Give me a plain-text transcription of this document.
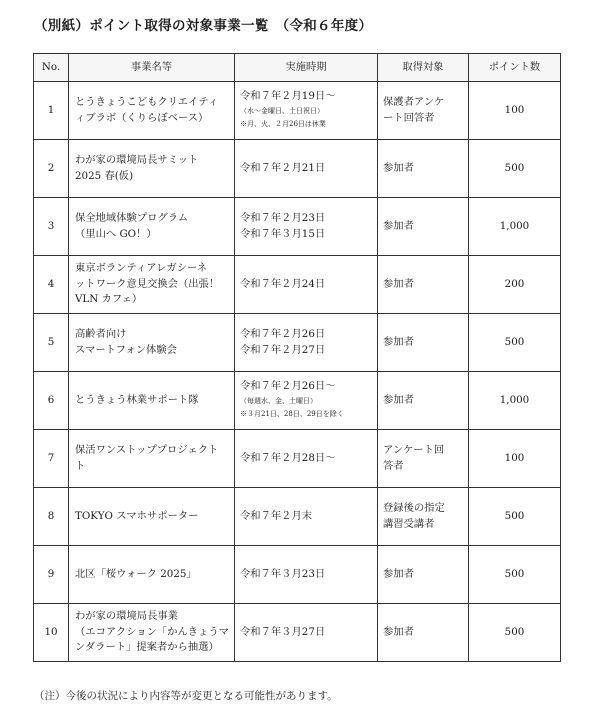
（別紙）ポイント取得の対象事業一覧　（令和６年度）
No.	事業名等	実施時期	取得対象	ポイント数
1	とうきょうこどもクリエイティ
ィブラボ（くりらぼベース）	令和７年２月19日～
（水～金曜日、土日祝日）
※月、火、２月26日は休業	保護者アンケ
ート回答者	100
2	わが家の環境局長サミット
2025 春(仮)	令和７年２月21日	参加者	500
3	保全地域体験プログラム
（里山へ GO！）	令和７年２月23日
令和７年３月15日	参加者	1,000
4	東京ボランティアレガシーネ
ットワーク意見交換会（出張！
VLN カフェ）	令和７年２月24日	参加者	200
5	高齢者向け
スマートフォン体験会	令和７年２月26日
令和７年２月27日	参加者	500
6	とうきょう林業サポート隊	令和７年２月26日～
（毎週水、金、土曜日）
※３月21日、28日、29日を除く	参加者	1,000
7	保活ワンストッププロジェクト
ト	令和７年２月28日～	アンケート回
答者	100
8	TOKYO スマホサポーター	令和７年２月末	登録後の指定
講習受講者	500
9	北区「桜ウォーク 2025」	令和７年３月23日	参加者	500
10	わが家の環境局長事業
（エコアクション「かんきょうマ
ンダラート」提案者から抽選）	令和７年３月27日	参加者	500
（注）今後の状況により内容等が変更となる可能性があります。
